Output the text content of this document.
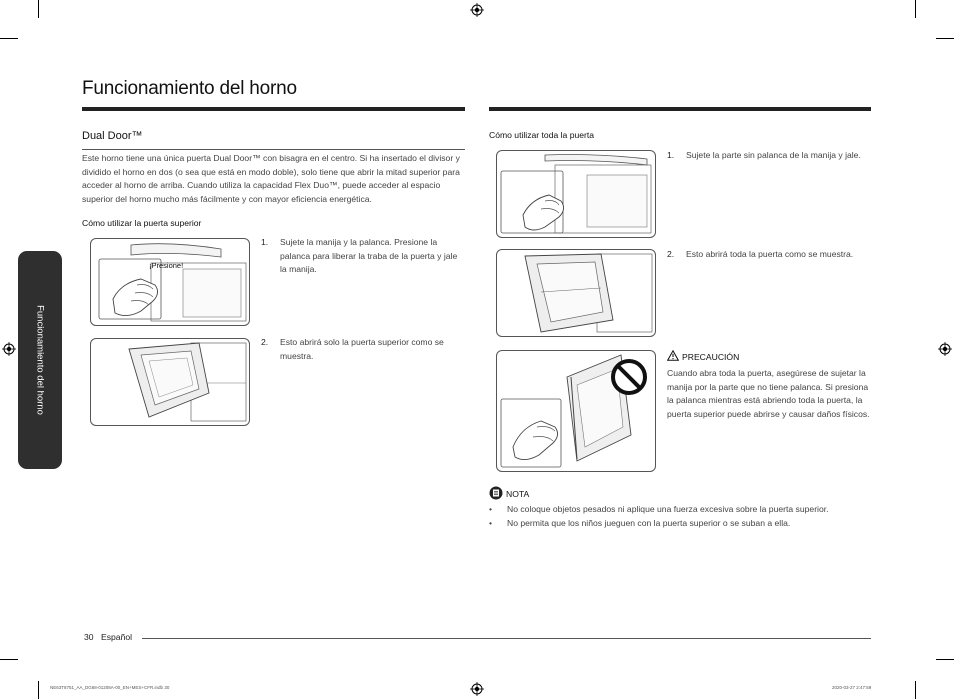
Funcionamiento del horno
Funcionamiento del horno
Dual Door™
Este horno tiene una única puerta Dual Door™ con bisagra en el centro. Si ha insertado el divisor y dividido el horno en dos (o sea que está en modo doble), solo tiene que abrir la mitad superior para acceder al horno de arriba. Cuando utiliza la capacidad Flex Duo™, puede acceder al espacio superior del horno mucho más fácilmente y con mayor eficiencia energética.
Cómo utilizar la puerta superior
¡Presione!
1. Sujete la manija y la palanca. Presione la palanca para liberar la traba de la puerta y jale la manija.
2. Esto abrirá solo la puerta superior como se muestra.
Cómo utilizar toda la puerta
1. Sujete la parte sin palanca de la manija y jale.
2. Esto abrirá toda la puerta como se muestra.
PRECAUCIÓN
Cuando abra toda la puerta, asegúrese de sujetar la manija por la parte que no tiene palanca. Si presiona la palanca mientras está abriendo toda la puerta, la puerta superior puede abrirse y causar daños físicos.
NOTA
• No coloque objetos pesados ni aplique una fuerza excesiva sobre la puerta superior.
• No permita que los niños jueguen con la puerta superior o se suban a ella.
30 Español
NE63T8751_AA_DG68-01208A-00_EN+MES+CFR.indb 30	2020-03-27 2:47:59
